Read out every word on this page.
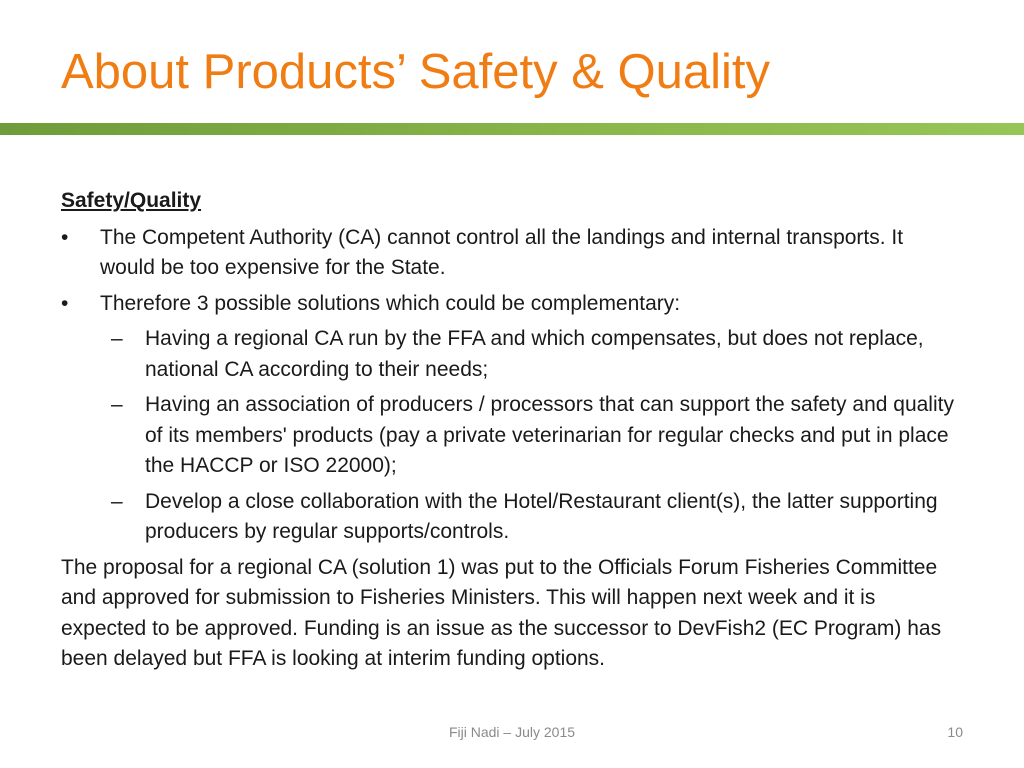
About Products’ Safety & Quality
Safety/Quality
•	The Competent Authority (CA) cannot control all the landings and internal transports. It would be too expensive for the State.
•	Therefore 3 possible solutions which could be complementary:
–	Having a regional CA run by the FFA and which compensates, but does not replace, national CA according to their needs;
–	Having an association of producers / processors that can support the safety and quality of its members' products (pay a private veterinarian for regular checks and put in place the HACCP or ISO 22000);
–	Develop a close collaboration with the Hotel/Restaurant client(s), the latter supporting producers by regular supports/controls.
The proposal for a regional CA (solution 1) was put to the Officials Forum Fisheries Committee and approved for submission to Fisheries Ministers. This will happen next week and it is expected to be approved. Funding is an issue as the successor to DevFish2 (EC Program) has been delayed but FFA is looking at interim funding options.
Fiji Nadi – July 2015	10
